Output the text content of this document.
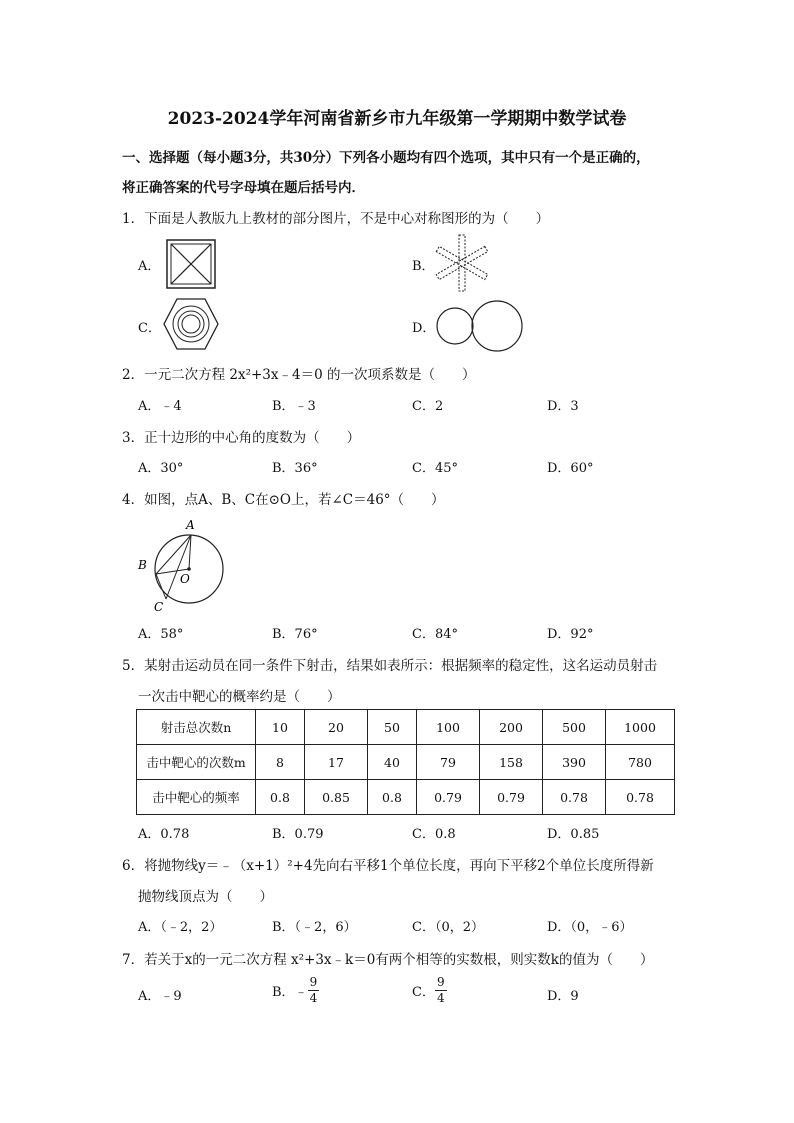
2023-2024学年河南省新乡市九年级第一学期期中数学试卷
一、选择题（每小题3分，共30分）下列各小题均有四个选项，其中只有一个是正确的，
将正确答案的代号字母填在题后括号内．
1．下面是人教版九上教材的部分图片，不是中心对称图形的为（　　）
A．	B．
C．	D．
2．一元二次方程 2x²+3x﹣4＝0 的一次项系数是（　　）
A．﹣4	B．﹣3	C．2	D．3
3．正十边形的中心角的度数为（　　）
A．30°	B．36°	C．45°	D．60°
4．如图，点A、B、C在⊙O上，若∠C＝46°（　　）
A
B
C
O
A．58°	B．76°	C．84°	D．92°
5．某射击运动员在同一条件下射击，结果如表所示：根据频率的稳定性，这名运动员射击
一次击中靶心的概率约是（　　）
射击总次数n	10	20	50	100	200	500	1000
击中靶心的次数m	8	17	40	79	158	390	780
击中靶心的频率	0.8	0.85	0.8	0.79	0.79	0.78	0.78
A．0.78	B．0.79	C．0.8	D．0.85
6．将抛物线y＝﹣（x+1）²+4先向右平移1个单位长度，再向下平移2个单位长度所得新
抛物线顶点为（　　）
A．（﹣2，2）	B．（﹣2，6）	C．（0，2）	D．（0，﹣6）
7．若关于x的一元二次方程 x²+3x﹣k＝0有两个相等的实数根，则实数k的值为（　　）
A．﹣9	B．﹣ $\frac{9}{4}$	C． $\frac{9}{4}$	D．9
